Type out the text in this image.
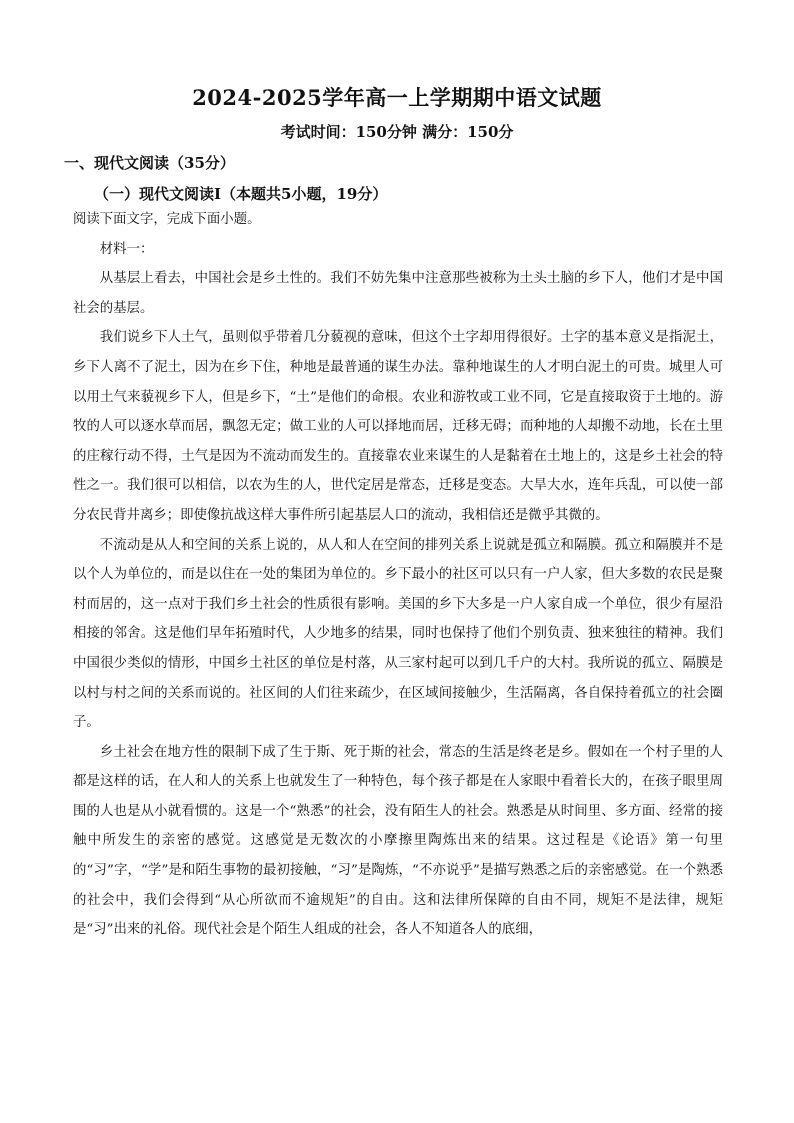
2024-2025学年高一上学期期中语文试题
考试时间：150分钟 满分：150分
一、现代文阅读（35分）
（一）现代文阅读Ⅰ（本题共5小题，19分）

阅读下面文字，完成下面小题。

材料一：

从基层上看去，中国社会是乡土性的。我们不妨先集中注意那些被称为土头土脑的乡下人，他们才是中国社会的基层。

我们说乡下人土气，虽则似乎带着几分藐视的意味，但这个土字却用得很好。土字的基本意义是指泥土，乡下人离不了泥土，因为在乡下住，种地是最普通的谋生办法。靠种地谋生的人才明白泥土的可贵。城里人可以用土气来藐视乡下人，但是乡下，“土”是他们的命根。农业和游牧或工业不同，它是直接取资于土地的。游牧的人可以逐水草而居，飘忽无定；做工业的人可以择地而居，迁移无碍；而种地的人却搬不动地，长在土里的庄稼行动不得，土气是因为不流动而发生的。直接靠农业来谋生的人是黏着在土地上的，这是乡土社会的特性之一。我们很可以相信，以农为生的人，世代定居是常态，迁移是变态。大旱大水，连年兵乱，可以使一部分农民背井离乡；即使像抗战这样大事件所引起基层人口的流动，我相信还是微乎其微的。

不流动是从人和空间的关系上说的，从人和人在空间的排列关系上说就是孤立和隔膜。孤立和隔膜并不是以个人为单位的，而是以住在一处的集团为单位的。乡下最小的社区可以只有一户人家，但大多数的农民是聚村而居的，这一点对于我们乡土社会的性质很有影响。美国的乡下大多是一户人家自成一个单位，很少有屋沿相接的邻舍。这是他们早年拓殖时代，人少地多的结果，同时也保持了他们个别负责、独来独往的精神。我们中国很少类似的情形，中国乡土社区的单位是村落，从三家村起可以到几千户的大村。我所说的孤立、隔膜是以村与村之间的关系而说的。社区间的人们往来疏少，在区域间接触少，生活隔离，各自保持着孤立的社会圈子。

乡土社会在地方性的限制下成了生于斯、死于斯的社会，常态的生活是终老是乡。假如在一个村子里的人都是这样的话，在人和人的关系上也就发生了一种特色，每个孩子都是在人家眼中看着长大的，在孩子眼里周围的人也是从小就看惯的。这是一个“熟悉”的社会，没有陌生人的社会。熟悉是从时间里、多方面、经常的接触中所发生的亲密的感觉。这感觉是无数次的小摩擦里陶炼出来的结果。这过程是《论语》第一句里的“习”字，“学”是和陌生事物的最初接触，“习”是陶炼，“不亦说乎”是描写熟悉之后的亲密感觉。在一个熟悉的社会中，我们会得到“从心所欲而不逾规矩”的自由。这和法律所保障的自由不同，规矩不是法律，规矩是“习”出来的礼俗。现代社会是个陌生人组成的社会，各人不知道各人的底细，
